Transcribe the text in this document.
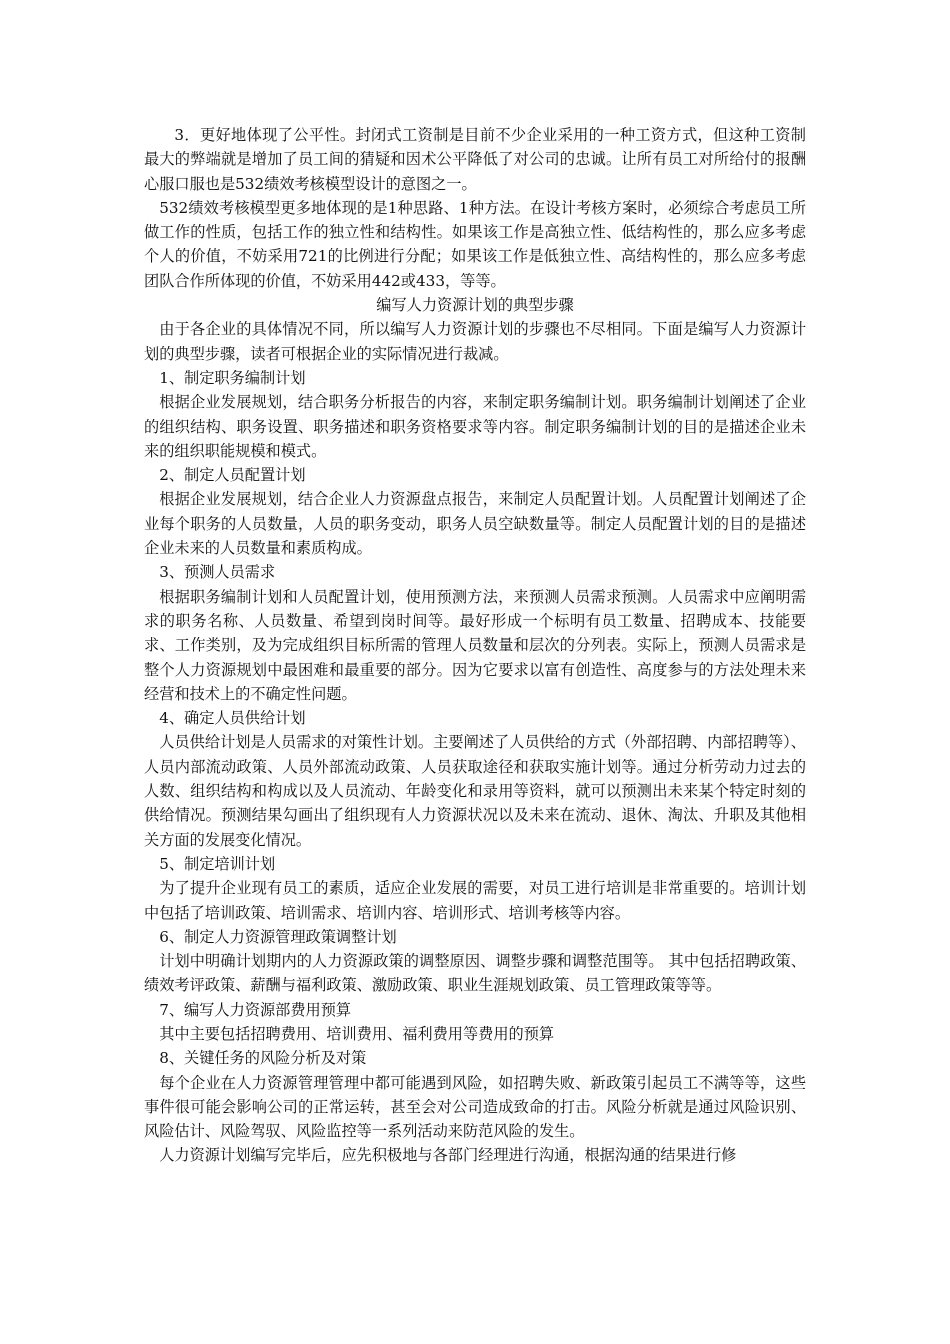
3．更好地体现了公平性。封闭式工资制是目前不少企业采用的一种工资方式，但这种工资制最大的弊端就是增加了员工间的猜疑和因术公平降低了对公司的忠诚。让所有员工对所给付的报酬心服口服也是532绩效考核模型设计的意图之一。

532绩效考核模型更多地体现的是1种思路、1种方法。在设计考核方案时，必须综合考虑员工所做工作的性质，包括工作的独立性和结构性。如果该工作是高独立性、低结构性的，那么应多考虑个人的价值，不妨采用721的比例进行分配；如果该工作是低独立性、高结构性的，那么应多考虑团队合作所体现的价值，不妨采用442或433，等等。

编写人力资源计划的典型步骤

由于各企业的具体情况不同，所以编写人力资源计划的步骤也不尽相同。下面是编写人力资源计划的典型步骤，读者可根据企业的实际情况进行裁减。

1、制定职务编制计划

根据企业发展规划，结合职务分析报告的内容，来制定职务编制计划。职务编制计划阐述了企业的组织结构、职务设置、职务描述和职务资格要求等内容。制定职务编制计划的目的是描述企业未来的组织职能规模和模式。

2、制定人员配置计划

根据企业发展规划，结合企业人力资源盘点报告，来制定人员配置计划。人员配置计划阐述了企业每个职务的人员数量，人员的职务变动，职务人员空缺数量等。制定人员配置计划的目的是描述企业未来的人员数量和素质构成。

3、预测人员需求

根据职务编制计划和人员配置计划，使用预测方法，来预测人员需求预测。人员需求中应阐明需求的职务名称、人员数量、希望到岗时间等。最好形成一个标明有员工数量、招聘成本、技能要求、工作类别，及为完成组织目标所需的管理人员数量和层次的分列表。实际上，预测人员需求是整个人力资源规划中最困难和最重要的部分。因为它要求以富有创造性、高度参与的方法处理未来经营和技术上的不确定性问题。

4、确定人员供给计划

人员供给计划是人员需求的对策性计划。主要阐述了人员供给的方式（外部招聘、内部招聘等）、人员内部流动政策、人员外部流动政策、人员获取途径和获取实施计划等。通过分析劳动力过去的人数、组织结构和构成以及人员流动、年龄变化和录用等资料，就可以预测出未来某个特定时刻的供给情况。预测结果勾画出了组织现有人力资源状况以及未来在流动、退休、淘汰、升职及其他相关方面的发展变化情况。

5、制定培训计划

为了提升企业现有员工的素质，适应企业发展的需要，对员工进行培训是非常重要的。培训计划中包括了培训政策、培训需求、培训内容、培训形式、培训考核等内容。

6、制定人力资源管理政策调整计划

计划中明确计划期内的人力资源政策的调整原因、调整步骤和调整范围等。 其中包括招聘政策、绩效考评政策、薪酬与福利政策、激励政策、职业生涯规划政策、员工管理政策等等。

7、编写人力资源部费用预算

其中主要包括招聘费用、培训费用、福利费用等费用的预算

8、关键任务的风险分析及对策

每个企业在人力资源管理管理中都可能遇到风险，如招聘失败、新政策引起员工不满等等，这些事件很可能会影响公司的正常运转，甚至会对公司造成致命的打击。风险分析就是通过风险识别、风险估计、风险驾驭、风险监控等一系列活动来防范风险的发生。

人力资源计划编写完毕后，应先积极地与各部门经理进行沟通，根据沟通的结果进行修
